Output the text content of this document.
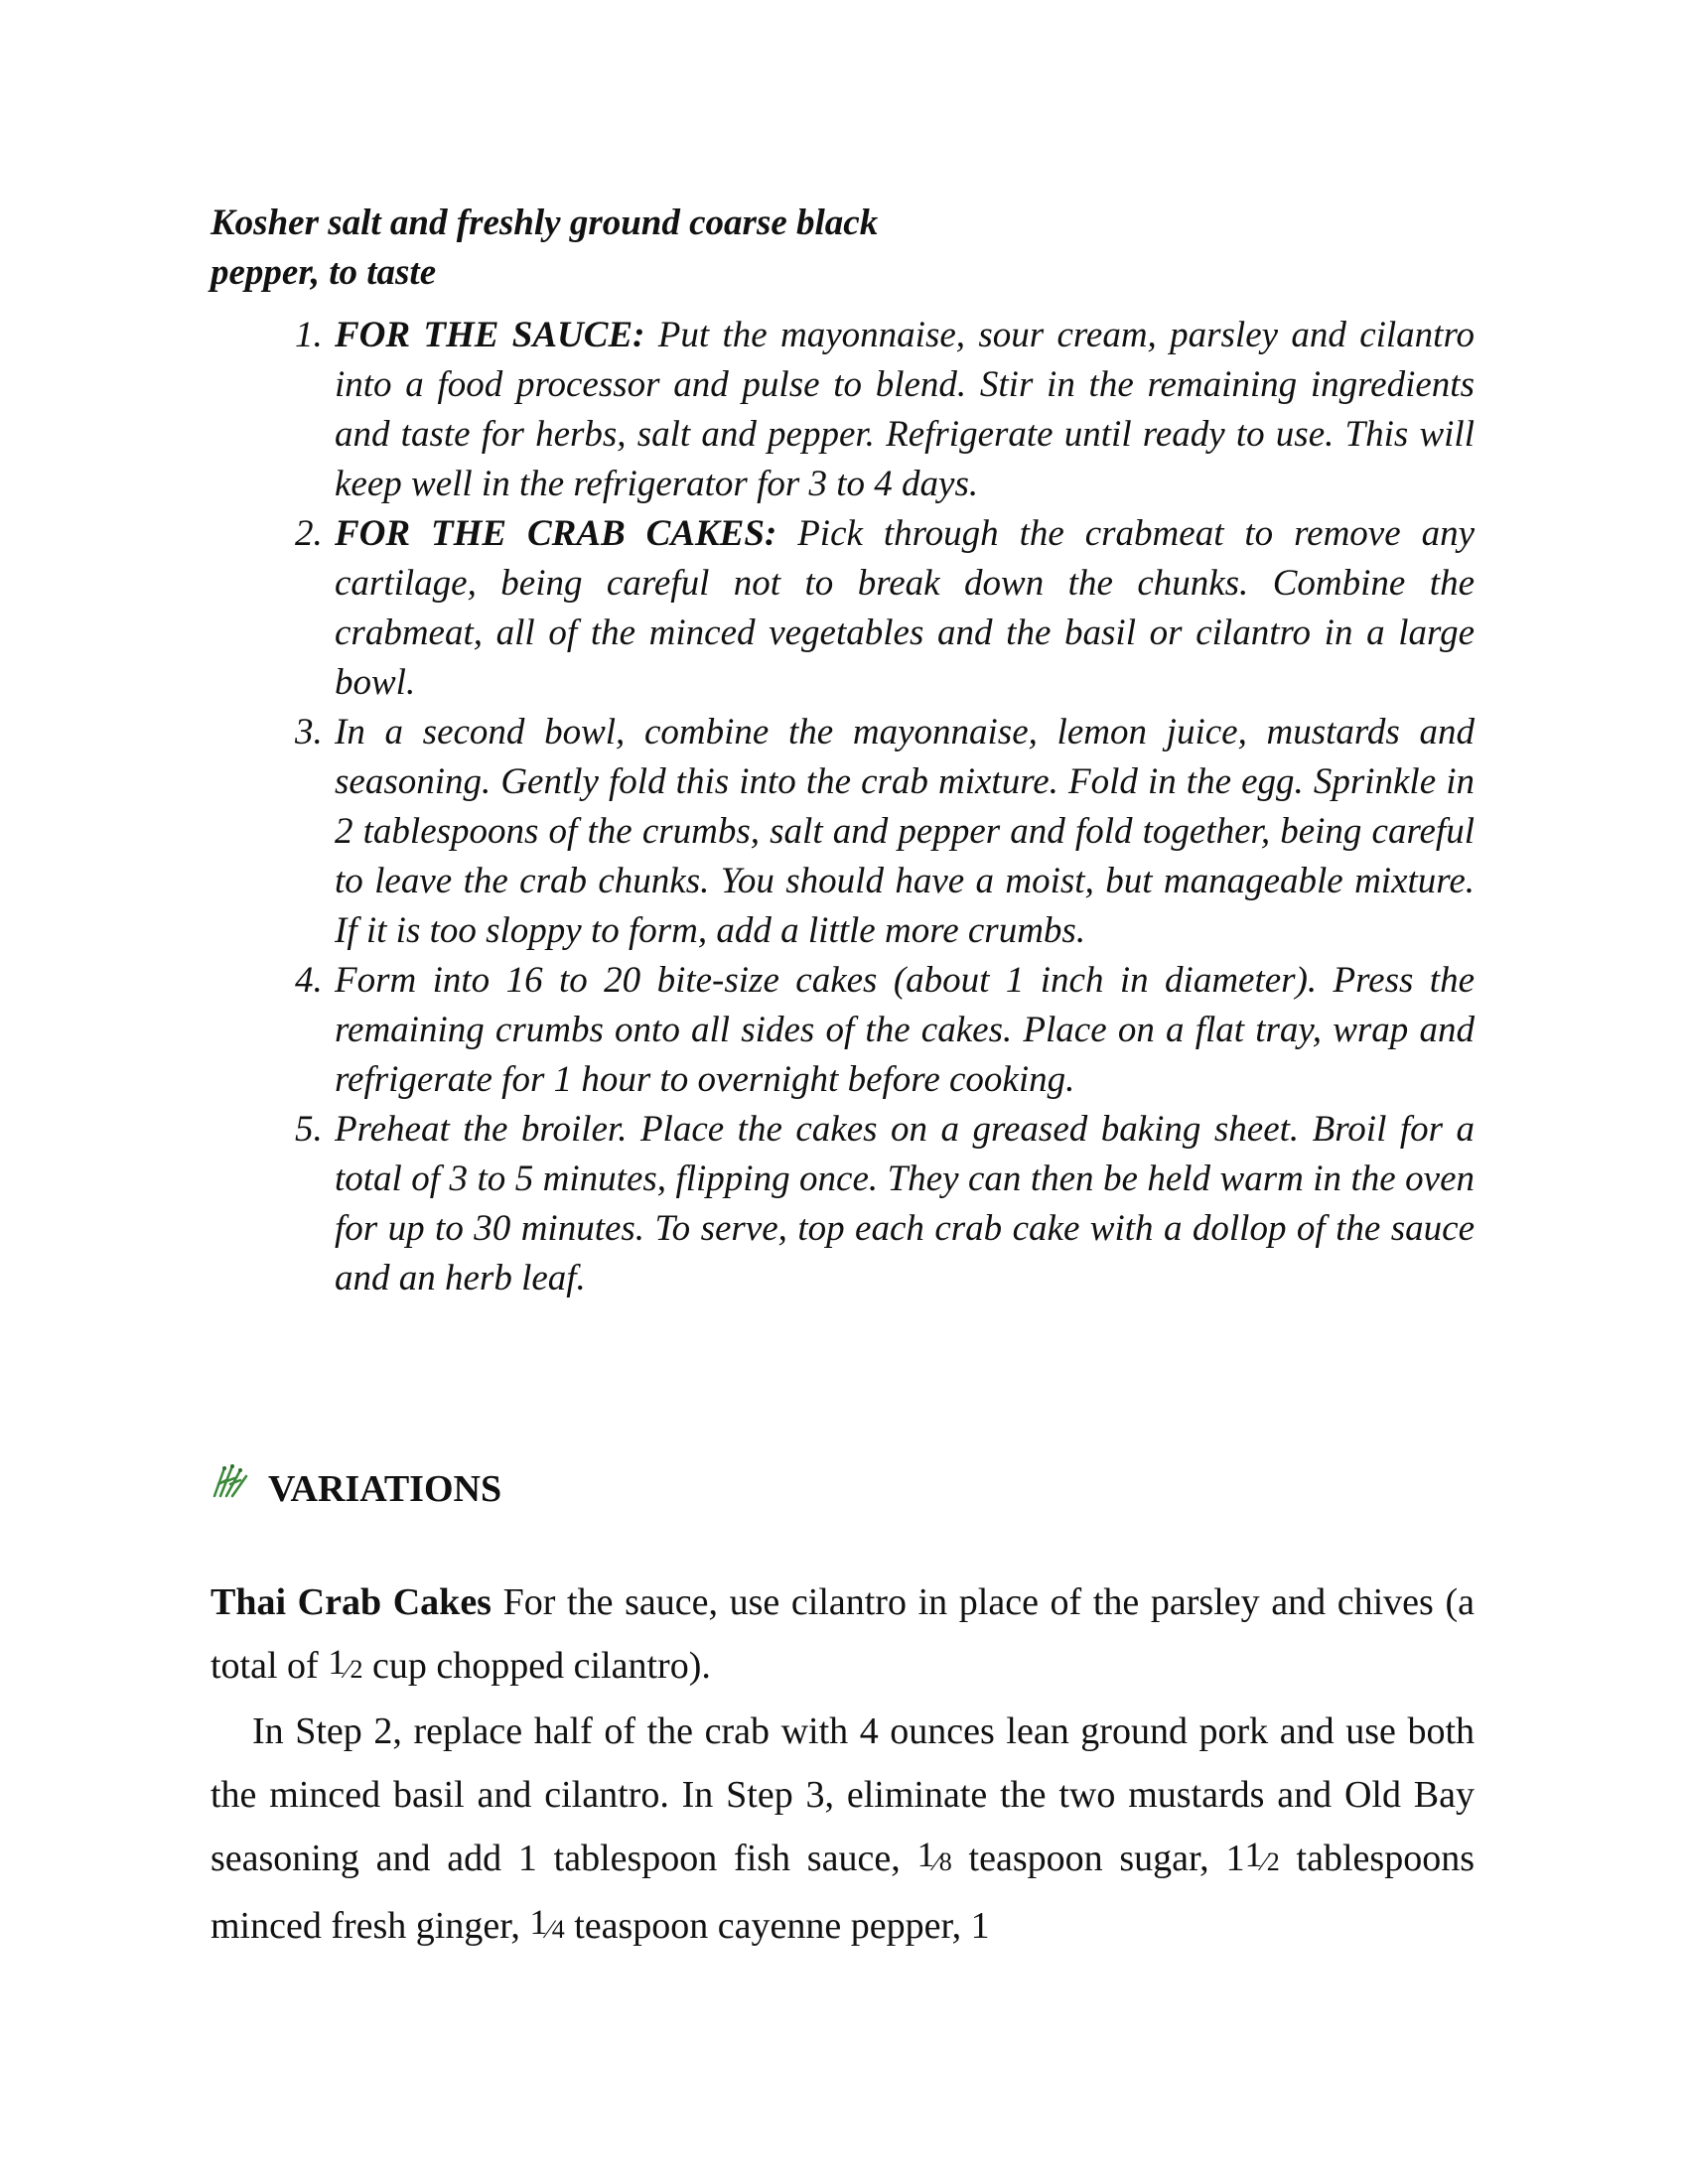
Kosher salt and freshly ground coarse black
pepper, to taste
1. FOR THE SAUCE: Put the mayonnaise, sour cream, parsley and cilantro into a food processor and pulse to blend. Stir in the remaining ingredients and taste for herbs, salt and pepper. Refrigerate until ready to use. This will keep well in the refrigerator for 3 to 4 days.
2. FOR THE CRAB CAKES: Pick through the crabmeat to remove any cartilage, being careful not to break down the chunks. Combine the crabmeat, all of the minced vegetables and the basil or cilantro in a large bowl.
3. In a second bowl, combine the mayonnaise, lemon juice, mustards and seasoning. Gently fold this into the crab mixture. Fold in the egg. Sprinkle in 2 tablespoons of the crumbs, salt and pepper and fold together, being careful to leave the crab chunks. You should have a moist, but manageable mixture. If it is too sloppy to form, add a little more crumbs.
4. Form into 16 to 20 bite-size cakes (about 1 inch in diameter). Press the remaining crumbs onto all sides of the cakes. Place on a flat tray, wrap and refrigerate for 1 hour to overnight before cooking.
5. Preheat the broiler. Place the cakes on a greased baking sheet. Broil for a total of 3 to 5 minutes, flipping once. They can then be held warm in the oven for up to 30 minutes. To serve, top each crab cake with a dollop of the sauce and an herb leaf.
VARIATIONS
Thai Crab Cakes For the sauce, use cilantro in place of the parsley and chives (a total of $^1$⁄2 cup chopped cilantro).
In Step 2, replace half of the crab with 4 ounces lean ground pork and use both the minced basil and cilantro. In Step 3, eliminate the two mustards and Old Bay seasoning and add 1 tablespoon fish sauce, $^1$⁄8 teaspoon sugar, $1^1⁄2$ tablespoons minced fresh ginger, $^1$⁄4 teaspoon cayenne pepper, 1
